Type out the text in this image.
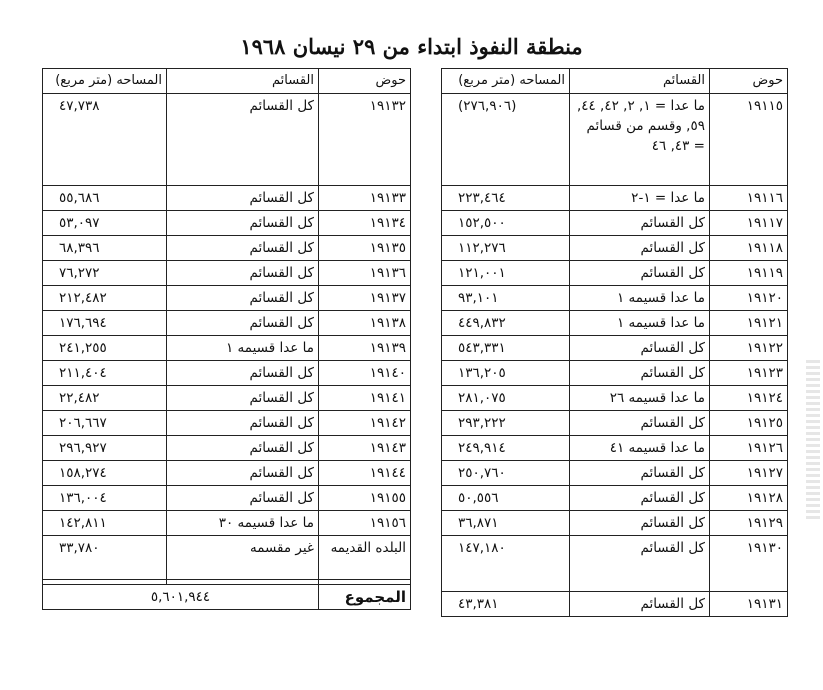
منطقة النفوذ ابتداء من ٢٩ نيسان ١٩٦٨
حوض	القسائم	المساحه (متر مربع)
١٩١١٥	ما عدا = ١, ٢, ٤٢, ٤٤, ٥٩, وقسم من قسائم = ٤٣, ٤٦	(٢٧٦,٩٠٦)
١٩١١٦	ما عدا = ١-٢	٢٢٣,٤٦٤
١٩١١٧	كل القسائم	١٥٢,٥٠٠
١٩١١٨	كل القسائم	١١٢,٢٧٦
١٩١١٩	كل القسائم	١٢١,٠٠١
١٩١٢٠	ما عدا قسيمه ١	٩٣,١٠١
١٩١٢١	ما عدا قسيمه ١	٤٤٩,٨٣٢
١٩١٢٢	كل القسائم	٥٤٣,٣٣١
١٩١٢٣	كل القسائم	١٣٦,٢٠٥
١٩١٢٤	ما عدا قسيمه ٢٦	٢٨١,٠٧٥
١٩١٢٥	كل القسائم	٢٩٣,٢٢٢
١٩١٢٦	ما عدا قسيمه ٤١	٢٤٩,٩١٤
١٩١٢٧	كل القسائم	٢٥٠,٧٦٠
١٩١٢٨	كل القسائم	٥٠,٥٥٦
١٩١٢٩	كل القسائم	٣٦,٨٧١
١٩١٣٠	كل القسائم	١٤٧,١٨٠
١٩١٣١	كل القسائم	٤٣,٣٨١
حوض	القسائم	المساحه (متر مربع)
١٩١٣٢	كل القسائم	٤٧,٧٣٨
١٩١٣٣	كل القسائم	٥٥,٦٨٦
١٩١٣٤	كل القسائم	٥٣,٠٩٧
١٩١٣٥	كل القسائم	٦٨,٣٩٦
١٩١٣٦	كل القسائم	٧٦,٢٧٢
١٩١٣٧	كل القسائم	٢١٢,٤٨٢
١٩١٣٨	كل القسائم	١٧٦,٦٩٤
١٩١٣٩	ما عدا قسيمه ١	٢٤١,٢٥٥
١٩١٤٠	كل القسائم	٢١١,٤٠٤
١٩١٤١	كل القسائم	٢٢,٤٨٢
١٩١٤٢	كل القسائم	٢٠٦,٦٦٧
١٩١٤٣	كل القسائم	٢٩٦,٩٢٧
١٩١٤٤	كل القسائم	١٥٨,٢٧٤
١٩١٥٥	كل القسائم	١٣٦,٠٠٤
١٩١٥٦	ما عدا قسيمه ٣٠	١٤٢,٨١١
البلده القديمه	غير مقسمه	٣٣,٧٨٠

المجموع	٥,٦٠١,٩٤٤	
